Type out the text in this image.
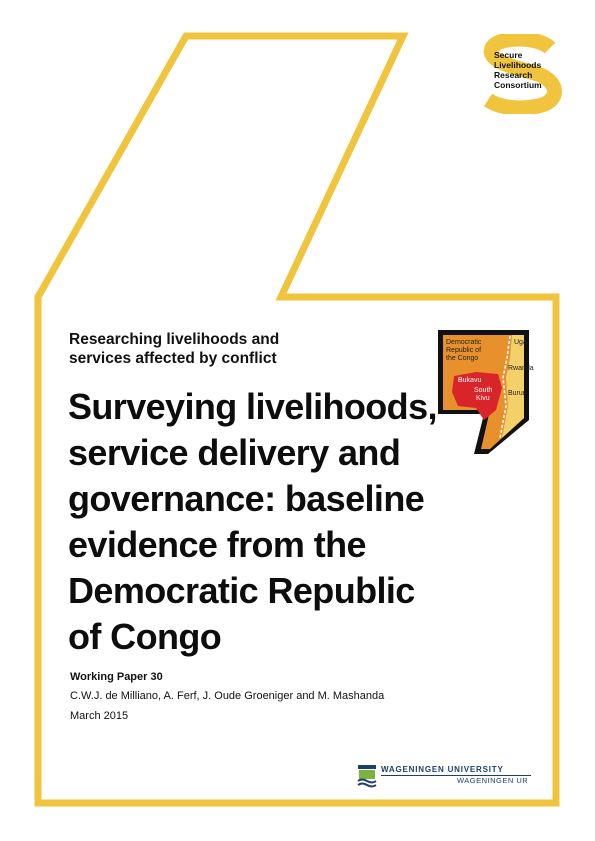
Secure
Livelihoods
Research
Consortium
Researching livelihoods and
services affected by conflict
Surveying livelihoods,
service delivery and
governance: baseline
evidence from the
Democratic Republic
of Congo
Working Paper 30
C.W.J. de Milliano, A. Ferf, J. Oude Groeniger and M. Mashanda
March 2015
Democratic
Republic of
the Congo
Uga
Rwanda
Burun
Bukavu
South
Kivu
WAGENINGEN UNIVERSITY
WAGENINGEN UR
